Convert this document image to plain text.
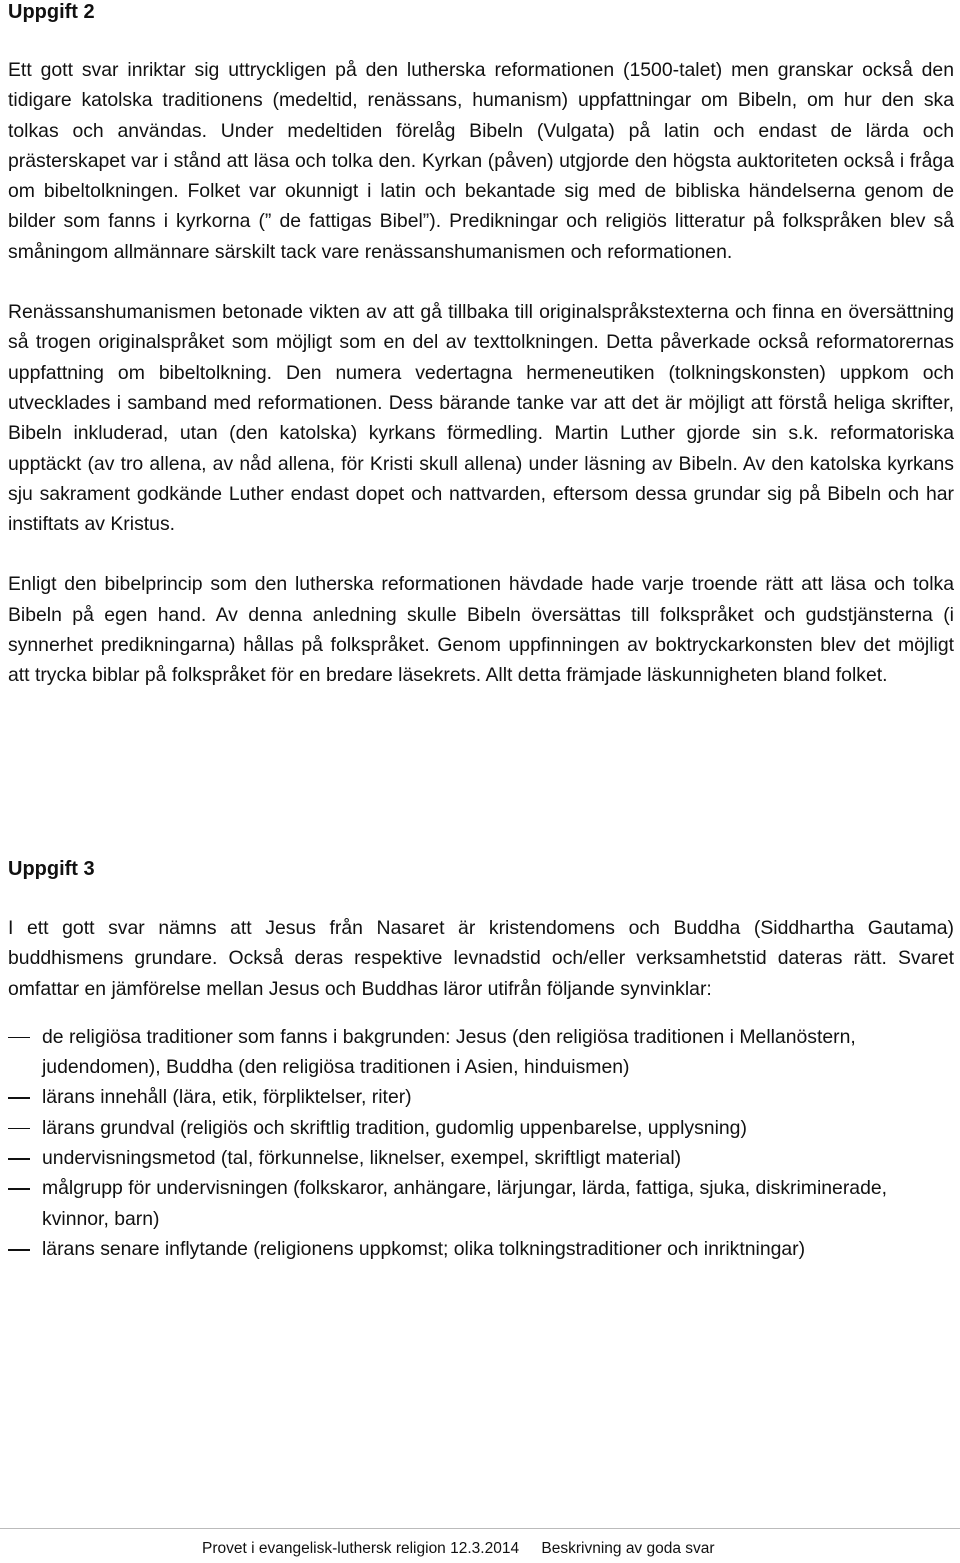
Uppgift 2

Ett gott svar inriktar sig uttryckligen på den lutherska reformationen (1500-talet) men granskar också den tidigare katolska traditionens (medeltid, renässans, humanism) uppfattningar om Bibeln, om hur den ska tolkas och användas. Under medeltiden förelåg Bibeln (Vulgata) på latin och endast de lärda och prästerskapet var i stånd att läsa och tolka den. Kyrkan (påven) utgjorde den högsta auktoriteten också i fråga om bibeltolkningen. Folket var okunnigt i latin och bekantade sig med de bibliska händelserna genom de bilder som fanns i kyrkorna (” de fattigas Bibel”). Predikningar och religiös litteratur på folkspråken blev så småningom allmännare särskilt tack vare renässanshumanismen och reformationen.

Renässanshumanismen betonade vikten av att gå tillbaka till originalspråkstexterna och finna en översättning så trogen originalspråket som möjligt som en del av texttolkningen. Detta påverkade också reformatorernas uppfattning om bibeltolkning. Den numera vedertagna hermeneutiken (tolkningskonsten) uppkom och utvecklades i samband med reformationen. Dess bärande tanke var att det är möjligt att förstå heliga skrifter, Bibeln inkluderad, utan (den katolska) kyrkans förmedling. Martin Luther gjorde sin s.k. reformatoriska upptäckt (av tro allena, av nåd allena, för Kristi skull allena) under läsning av Bibeln. Av den katolska kyrkans sju sakrament godkände Luther endast dopet och nattvarden, eftersom dessa grundar sig på Bibeln och har instiftats av Kristus.

Enligt den bibelprincip som den lutherska reformationen hävdade hade varje troende rätt att läsa och tolka Bibeln på egen hand. Av denna anledning skulle Bibeln översättas till folkspråket och gudstjänsterna (i synnerhet predikningarna) hållas på folkspråket. Genom uppfinningen av boktryckarkonsten blev det möjligt att trycka biblar på folkspråket för en bredare läsekrets. Allt detta främjade läskunnigheten bland folket.

Uppgift 3

I ett gott svar nämns att Jesus från Nasaret är kristendomens och Buddha (Siddhartha Gautama) buddhismens grundare. Också deras respektive levnadstid och/eller verksamhetstid dateras rätt. Svaret omfattar en jämförelse mellan Jesus och Buddhas läror utifrån följande synvinklar:

de religiösa traditioner som fanns i bakgrunden: Jesus (den religiösa traditionen i Mellanöstern, judendomen), Buddha (den religiösa traditionen i Asien, hinduismen)
lärans innehåll (lära, etik, förpliktelser, riter)
lärans grundval (religiös och skriftlig tradition, gudomlig uppenbarelse, upplysning)
undervisningsmetod (tal, förkunnelse, liknelser, exempel, skriftligt material)
målgrupp för undervisningen (folkskaror, anhängare, lärjungar, lärda, fattiga, sjuka, diskriminerade, kvinnor, barn)
lärans senare inflytande (religionens uppkomst; olika tolkningstraditioner och inriktningar)
Provet i evangelisk-luthersk religion 12.3.2014 Beskrivning av goda svar
